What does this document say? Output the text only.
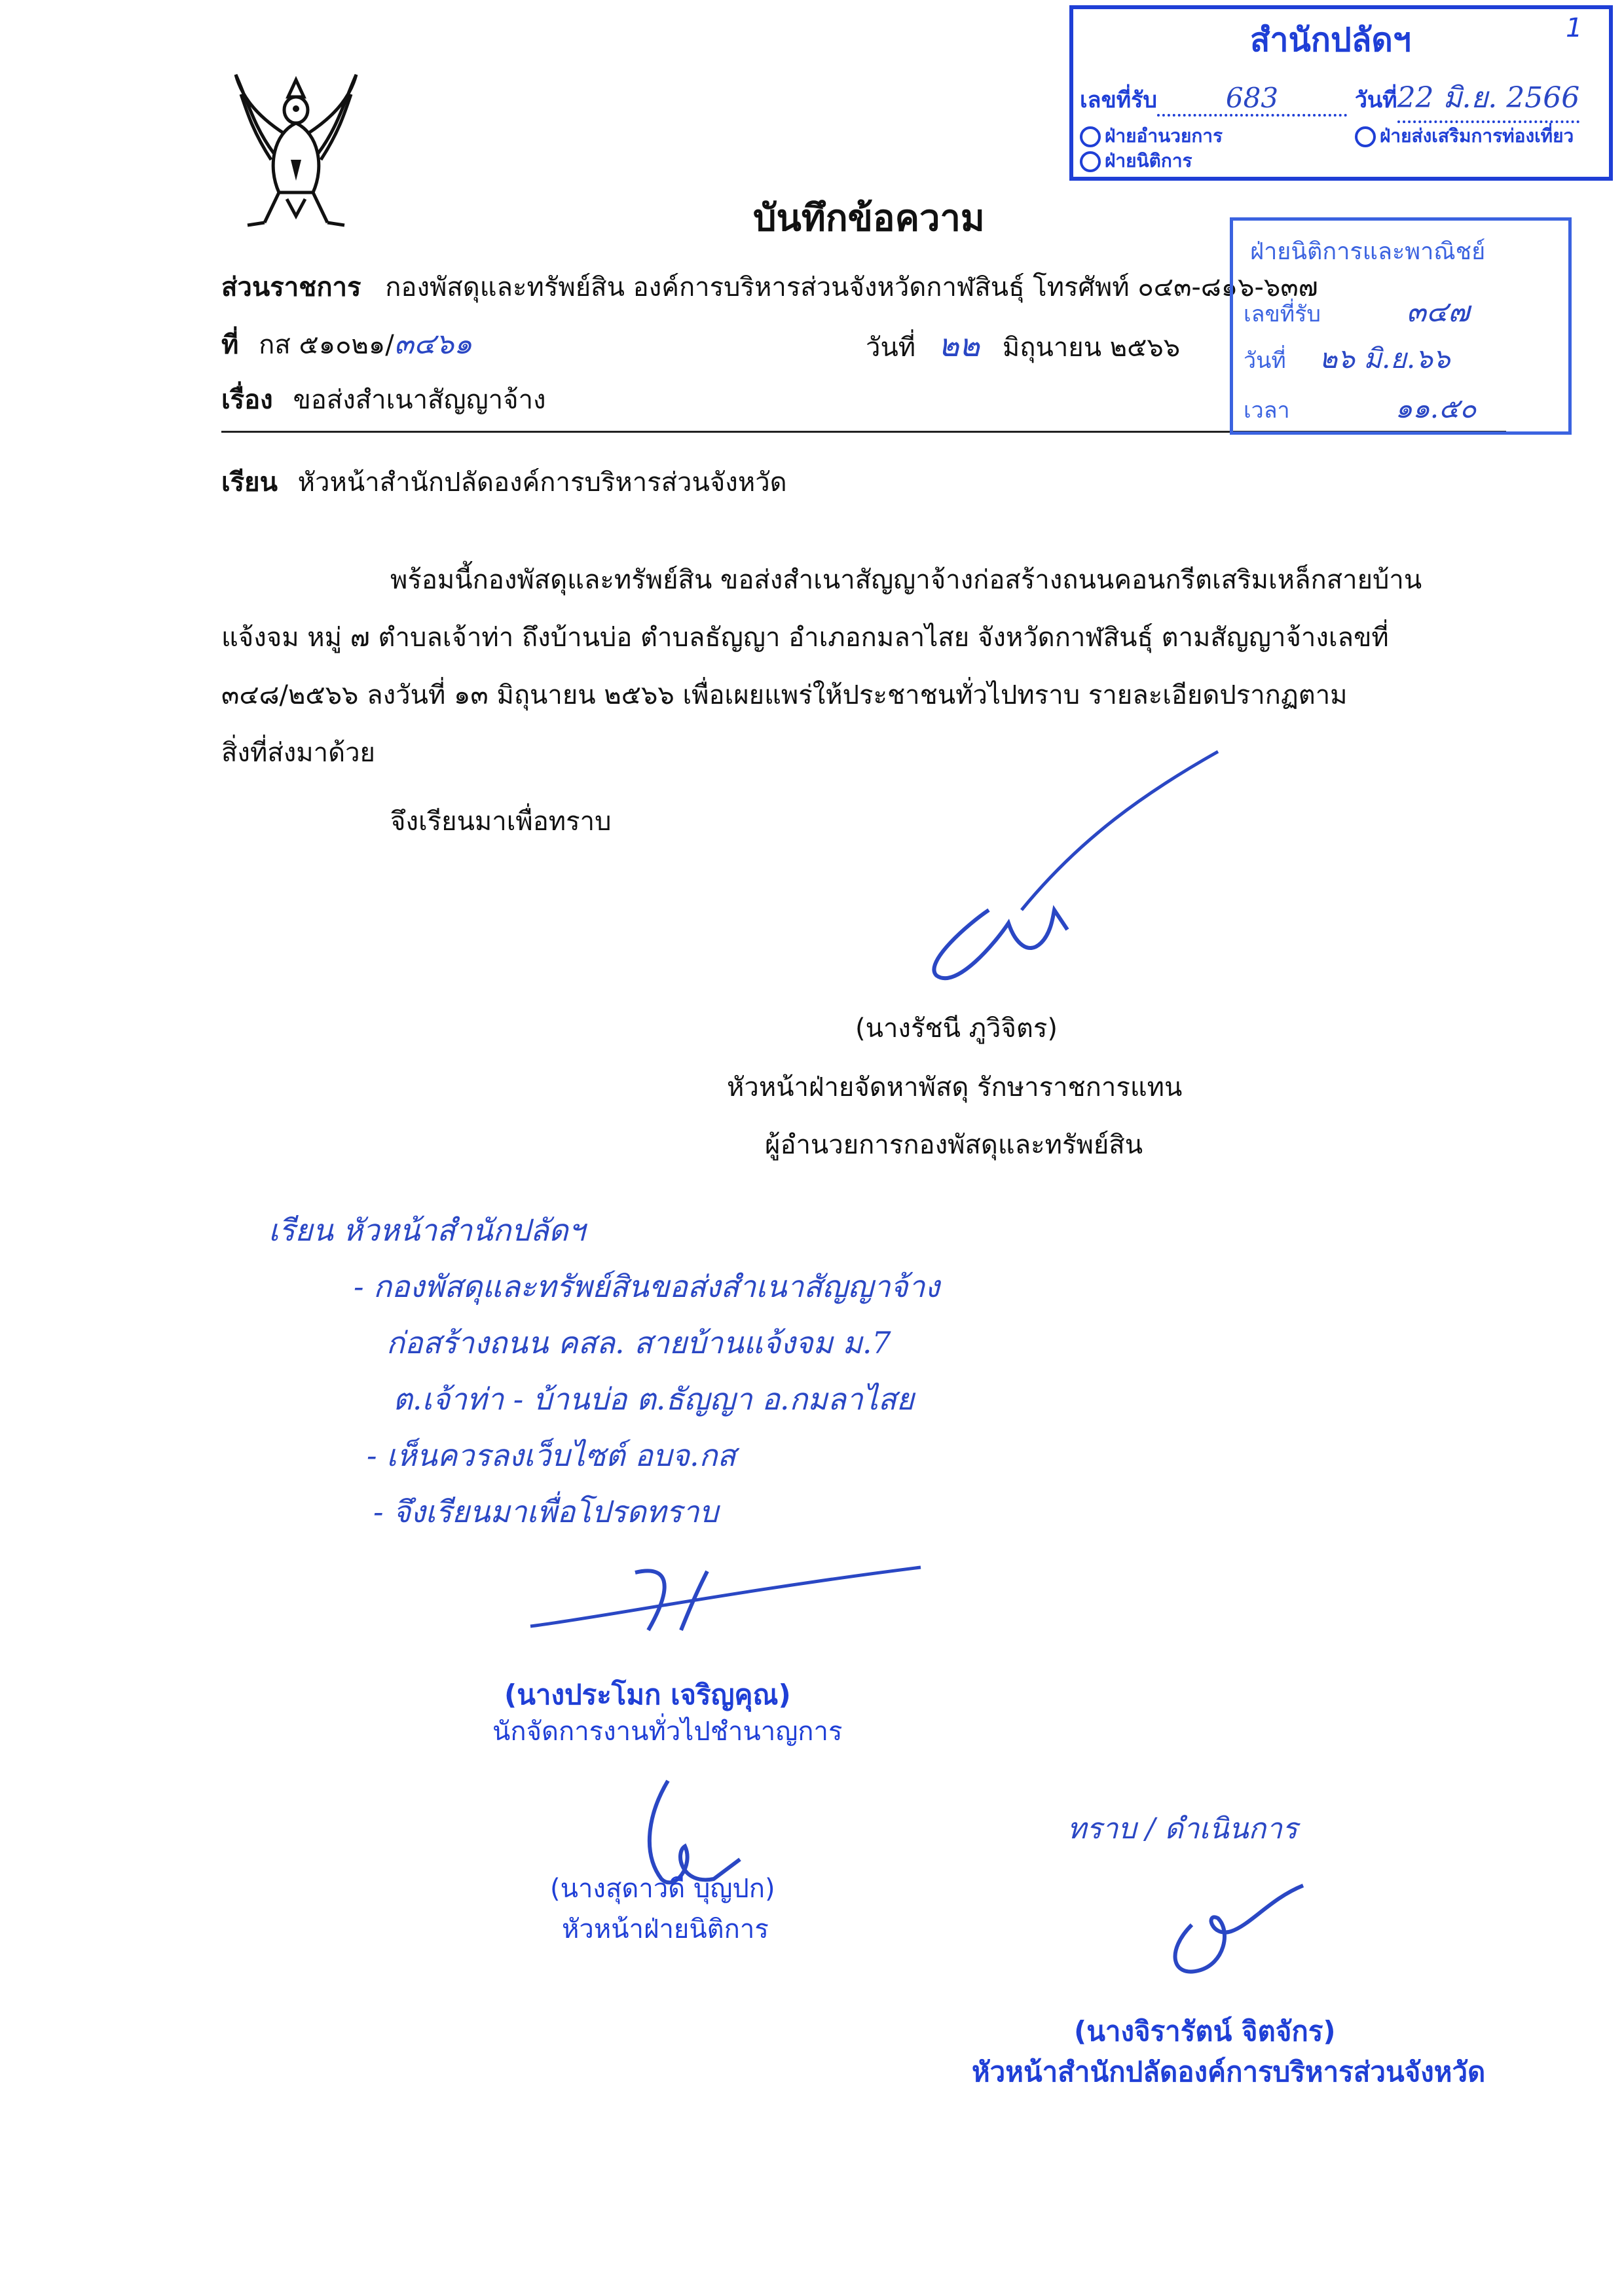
บันทึกข้อความ
ส่วนราชการ กองพัสดุและทรัพย์สิน องค์การบริหารส่วนจังหวัดกาฬสินธุ์ โทรศัพท์ ๐๔๓-๘๑๖-๖๓๗
ที่ กส ๕๑๐๒๑/๓๔๖๑	วันที่ ๒๒ มิถุนายน ๒๕๖๖
เรื่อง ขอส่งสำเนาสัญญาจ้าง
เรียน หัวหน้าสำนักปลัดองค์การบริหารส่วนจังหวัด
พร้อมนี้กองพัสดุและทรัพย์สิน ขอส่งสำเนาสัญญาจ้างก่อสร้างถนนคอนกรีตเสริมเหล็กสายบ้าน
แจ้งจม หมู่ ๗ ตำบลเจ้าท่า ถึงบ้านบ่อ ตำบลธัญญา อำเภอกมลาไสย จังหวัดกาฬสินธุ์ ตามสัญญาจ้างเลขที่
๓๔๘/๒๕๖๖ ลงวันที่ ๑๓ มิถุนายน ๒๕๖๖ เพื่อเผยแพร่ให้ประชาชนทั่วไปทราบ รายละเอียดปรากฏตาม
สิ่งที่ส่งมาด้วย
จึงเรียนมาเพื่อทราบ
(นางรัชนี ภูวิจิตร)
หัวหน้าฝ่ายจัดหาพัสดุ รักษาราชการแทน
ผู้อำนวยการกองพัสดุและทรัพย์สิน
สำนักปลัดฯ	1
เลขที่รับ 683	วันที่22 มิ.ย. 2566
ฝ่ายอำนวยการ	ฝ่ายส่งเสริมการท่องเที่ยว
ฝ่ายนิติการ
ฝ่ายนิติการและพาณิชย์
เลขที่รับ	๓๔๗
วันที่ ๒๖ มิ.ย.๖๖
เวลา	๑๑.๕๐
เรียน หัวหน้าสำนักปลัดฯ
- กองพัสดุและทรัพย์สินขอส่งสำเนาสัญญาจ้าง
ก่อสร้างถนน คสล. สายบ้านแจ้งจม ม.7
ต.เจ้าท่า - บ้านบ่อ ต.ธัญญา อ.กมลาไสย
- เห็นควรลงเว็บไซต์ อบจ.กส
- จึงเรียนมาเพื่อโปรดทราบ
(นางประโมก เจริญคุณ)
นักจัดการงานทั่วไปชำนาญการ
(นางสุดาวดี บุญปก)
หัวหน้าฝ่ายนิติการ
ทราบ / ดำเนินการ
(นางจิรารัตน์ จิตจักร)
หัวหน้าสำนักปลัดองค์การบริหารส่วนจังหวัด
